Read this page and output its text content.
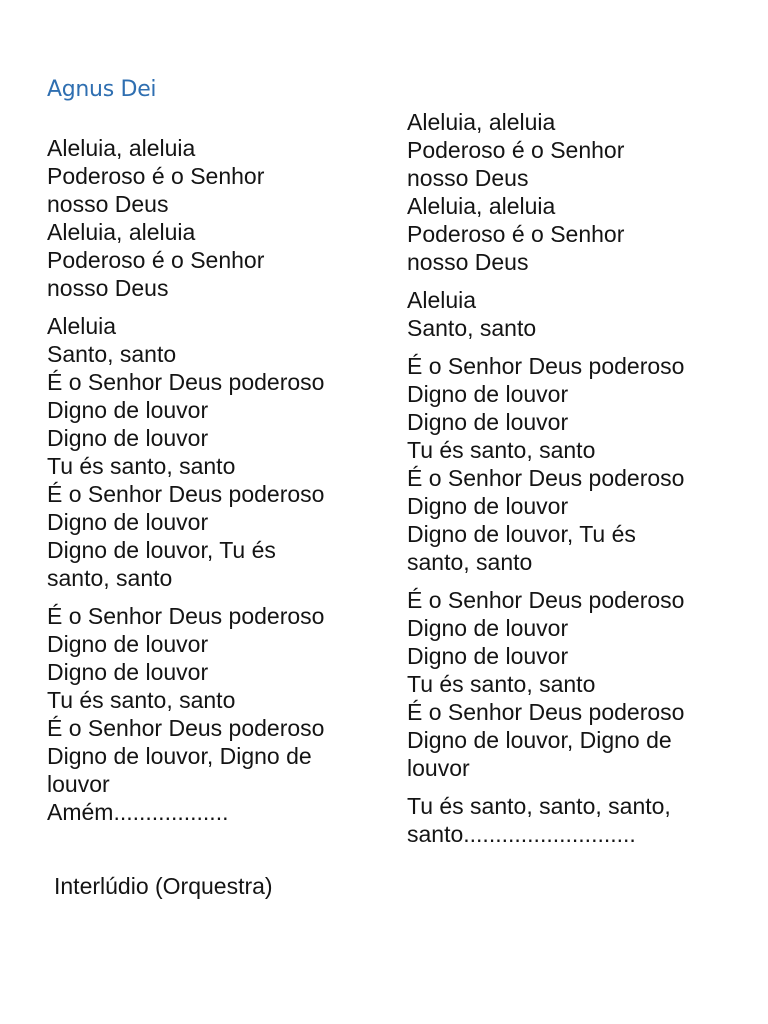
Agnus Dei
Aleluia, aleluia
Poderoso é o Senhor
nosso Deus
Aleluia, aleluia
Poderoso é o Senhor
nosso Deus
Aleluia
Santo, santo
É o Senhor Deus poderoso
Digno de louvor
Digno de louvor
Tu és santo, santo
É o Senhor Deus poderoso
Digno de louvor
Digno de louvor, Tu és
santo, santo
É o Senhor Deus poderoso
Digno de louvor
Digno de louvor
Tu és santo, santo
É o Senhor Deus poderoso
Digno de louvor, Digno de
louvor
Amém..................
Aleluia, aleluia
Poderoso é o Senhor
nosso Deus
Aleluia, aleluia
Poderoso é o Senhor
nosso Deus
Aleluia
Santo, santo
É o Senhor Deus poderoso
Digno de louvor
Digno de louvor
Tu és santo, santo
É o Senhor Deus poderoso
Digno de louvor
Digno de louvor, Tu és
santo, santo
É o Senhor Deus poderoso
Digno de louvor
Digno de louvor
Tu és santo, santo
É o Senhor Deus poderoso
Digno de louvor, Digno de
louvor
Tu és santo, santo, santo,
santo...........................
Interlúdio (Orquestra)
